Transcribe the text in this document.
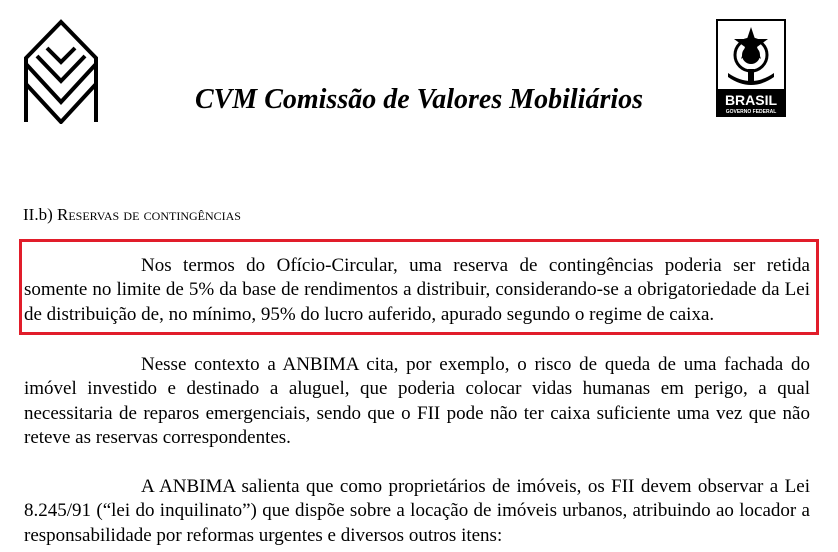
BRASIL
GOVERNO FEDERAL
CVM Comissão de Valores Mobiliários
II.b) Reservas de contingências

Nos termos do Ofício-Circular, uma reserva de contingências poderia ser retida somente no limite de 5% da base de rendimentos a distribuir, considerando-se a obrigatoriedade da Lei de distribuição de, no mínimo, 95% do lucro auferido, apurado segundo o regime de caixa.

Nesse contexto a ANBIMA cita, por exemplo, o risco de queda de uma fachada do imóvel investido e destinado a aluguel, que poderia colocar vidas humanas em perigo, a qual necessitaria de reparos emergenciais, sendo que o FII pode não ter caixa suficiente uma vez que não reteve as reservas correspondentes.

A ANBIMA salienta que como proprietários de imóveis, os FII devem observar a Lei 8.245/91 (“lei do inquilinato”) que dispõe sobre a locação de imóveis urbanos, atribuindo ao locador a responsabilidade por reformas urgentes e diversos outros itens:
